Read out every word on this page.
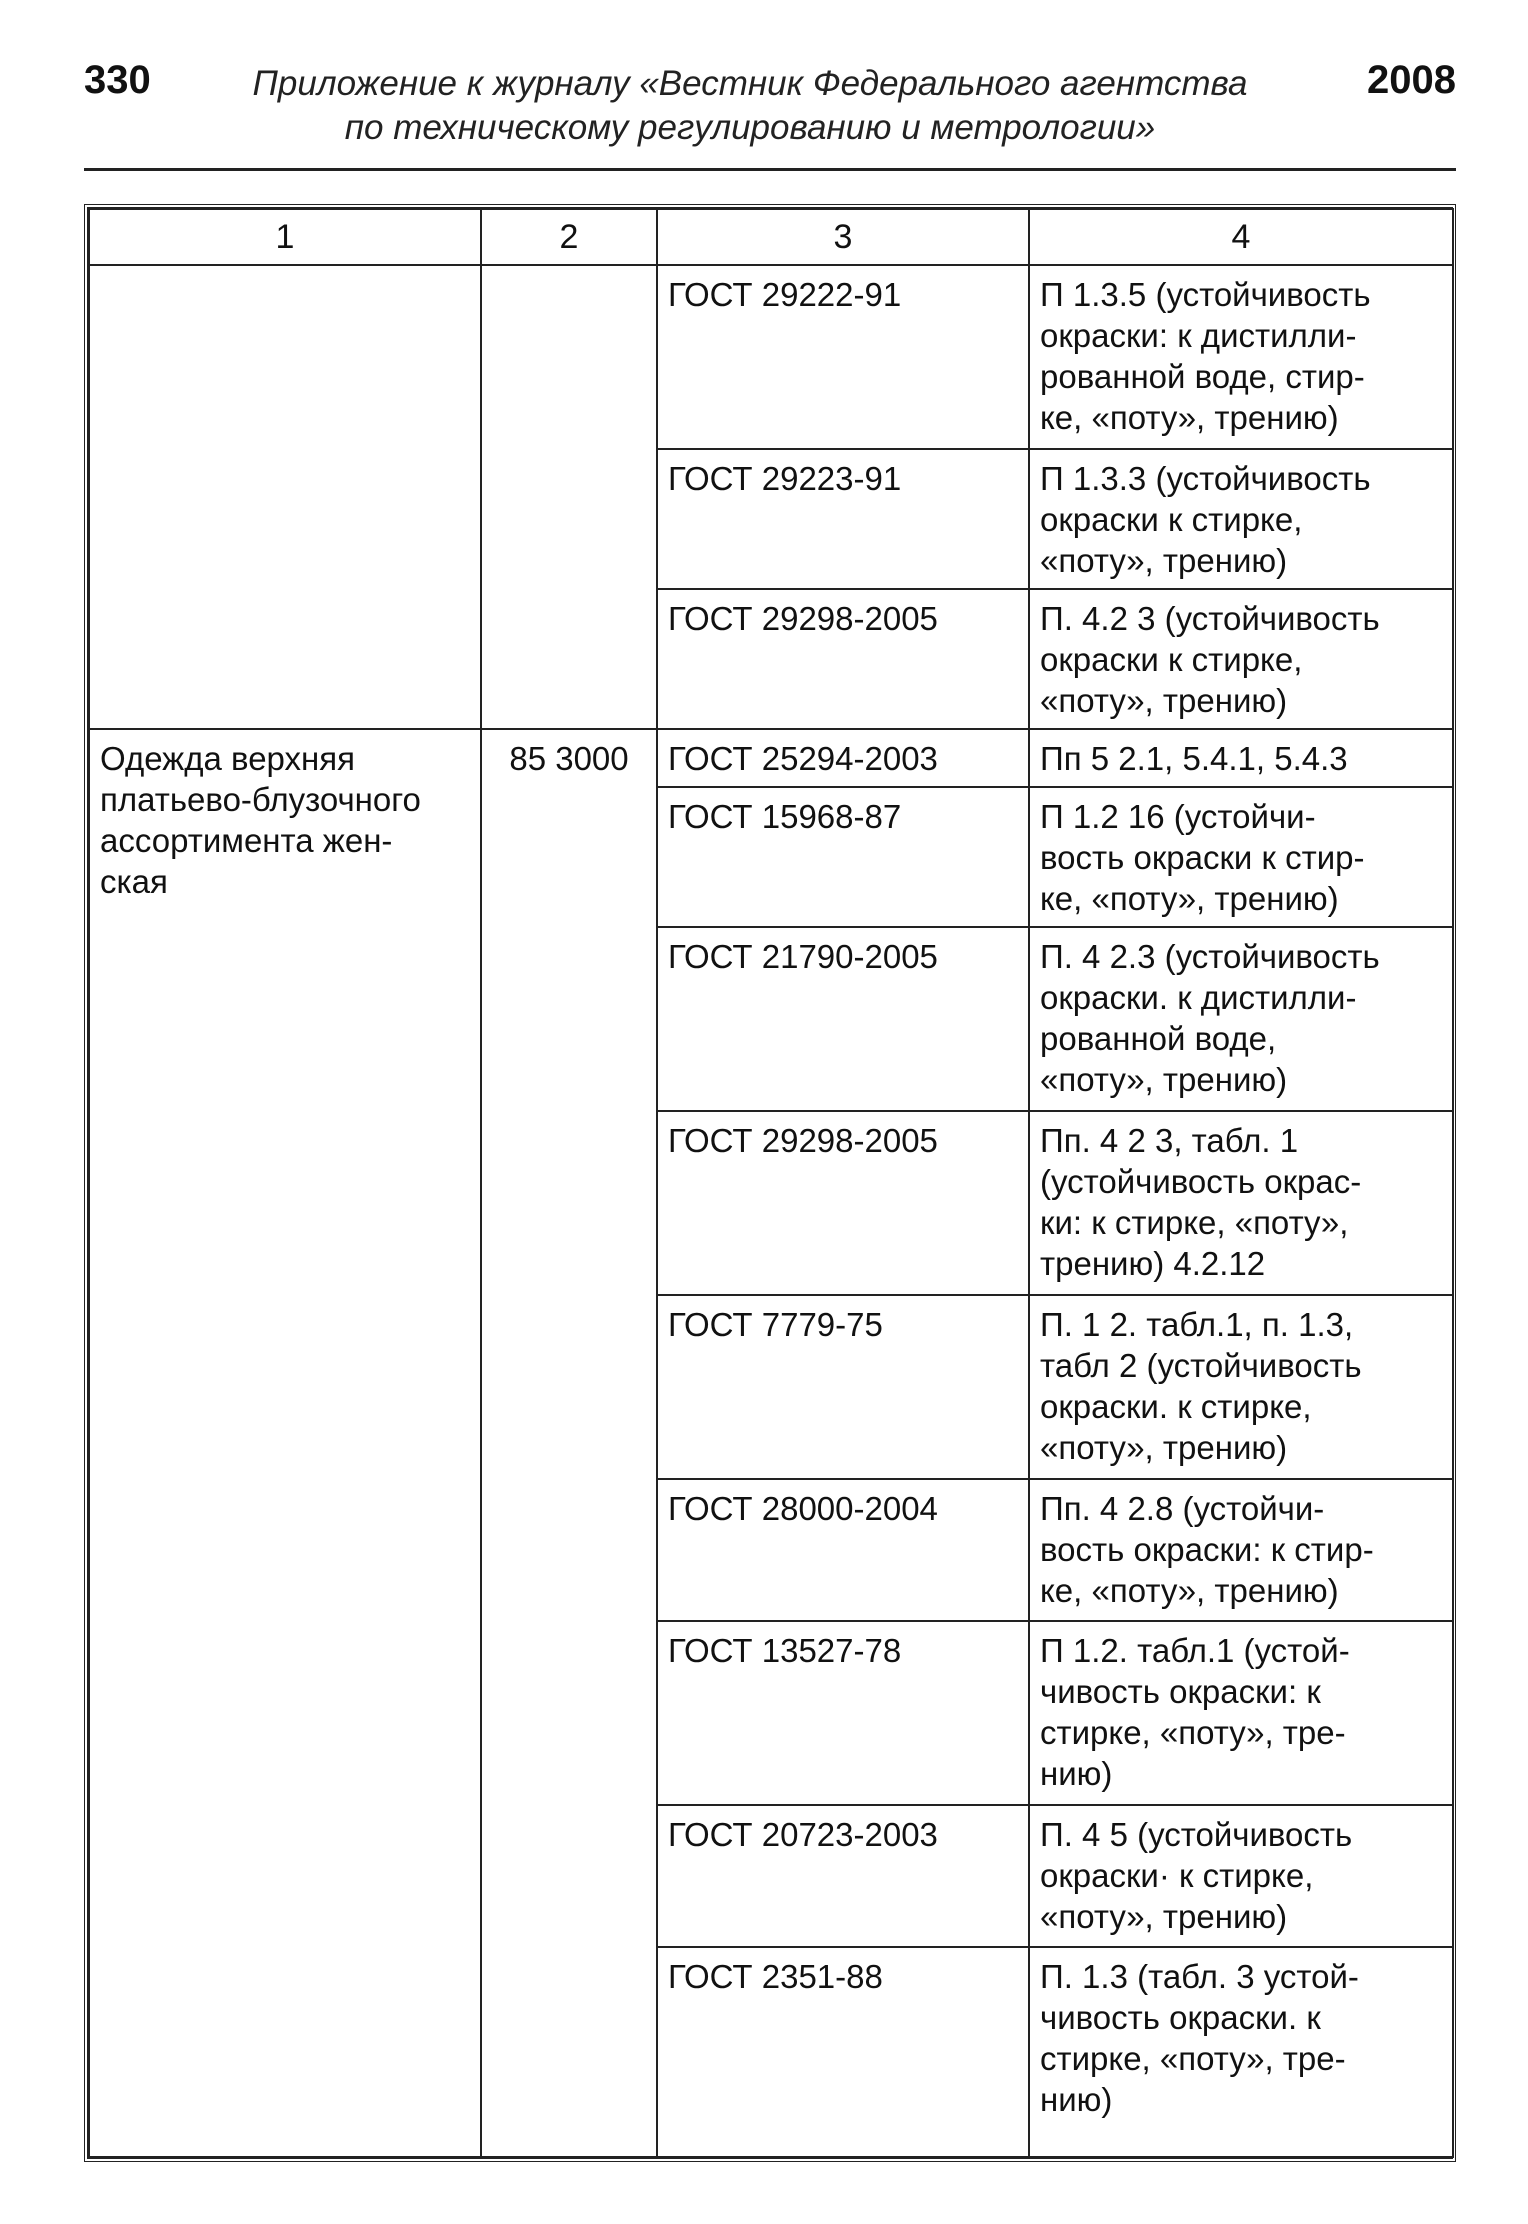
330	Приложение к журналу «Вестник Федерального агентства
по техническому регулированию и метрологии»
2008
1	2	3	4
		ГОСТ 29222-91	П 1.3.5 (устойчивость
окраски: к дистилли-
рованной воде, стир-
ке, «поту», трению)
		ГОСТ 29223-91	П 1.3.3 (устойчивость
окраски к стирке,
«поту», трению)
		ГОСТ 29298-2005	П. 4.2 3 (устойчивость
окраски к стирке,
«поту», трению)
Одежда верхняя
платьево-блузочного
ассортимента жен-
ская	85 3000	ГОСТ 25294-2003	Пп 5 2.1, 5.4.1, 5.4.3
		ГОСТ 15968-87	П 1.2 16 (устойчи-
вость окраски к стир-
ке, «поту», трению)
		ГОСТ 21790-2005	П. 4 2.3 (устойчивость
окраски. к дистилли-
рованной воде,
«поту», трению)
		ГОСТ 29298-2005	Пп. 4 2 3, табл. 1
(устойчивость окрас-
ки: к стирке, «поту»,
трению) 4.2.12
		ГОСТ 7779-75	П. 1 2. табл.1, п. 1.3,
табл 2 (устойчивость
окраски. к стирке,
«поту», трению)
		ГОСТ 28000-2004	Пп. 4 2.8 (устойчи-
вость окраски: к стир-
ке, «поту», трению)
		ГОСТ 13527-78	П 1.2. табл.1 (устой-
чивость окраски: к
стирке, «поту», тре-
нию)
		ГОСТ 20723-2003	П. 4 5 (устойчивость
окраски· к стирке,
«поту», трению)
		ГОСТ 2351-88	П. 1.3 (табл. 3 устой-
чивость окраски. к
стирке, «поту», тре-
нию)
